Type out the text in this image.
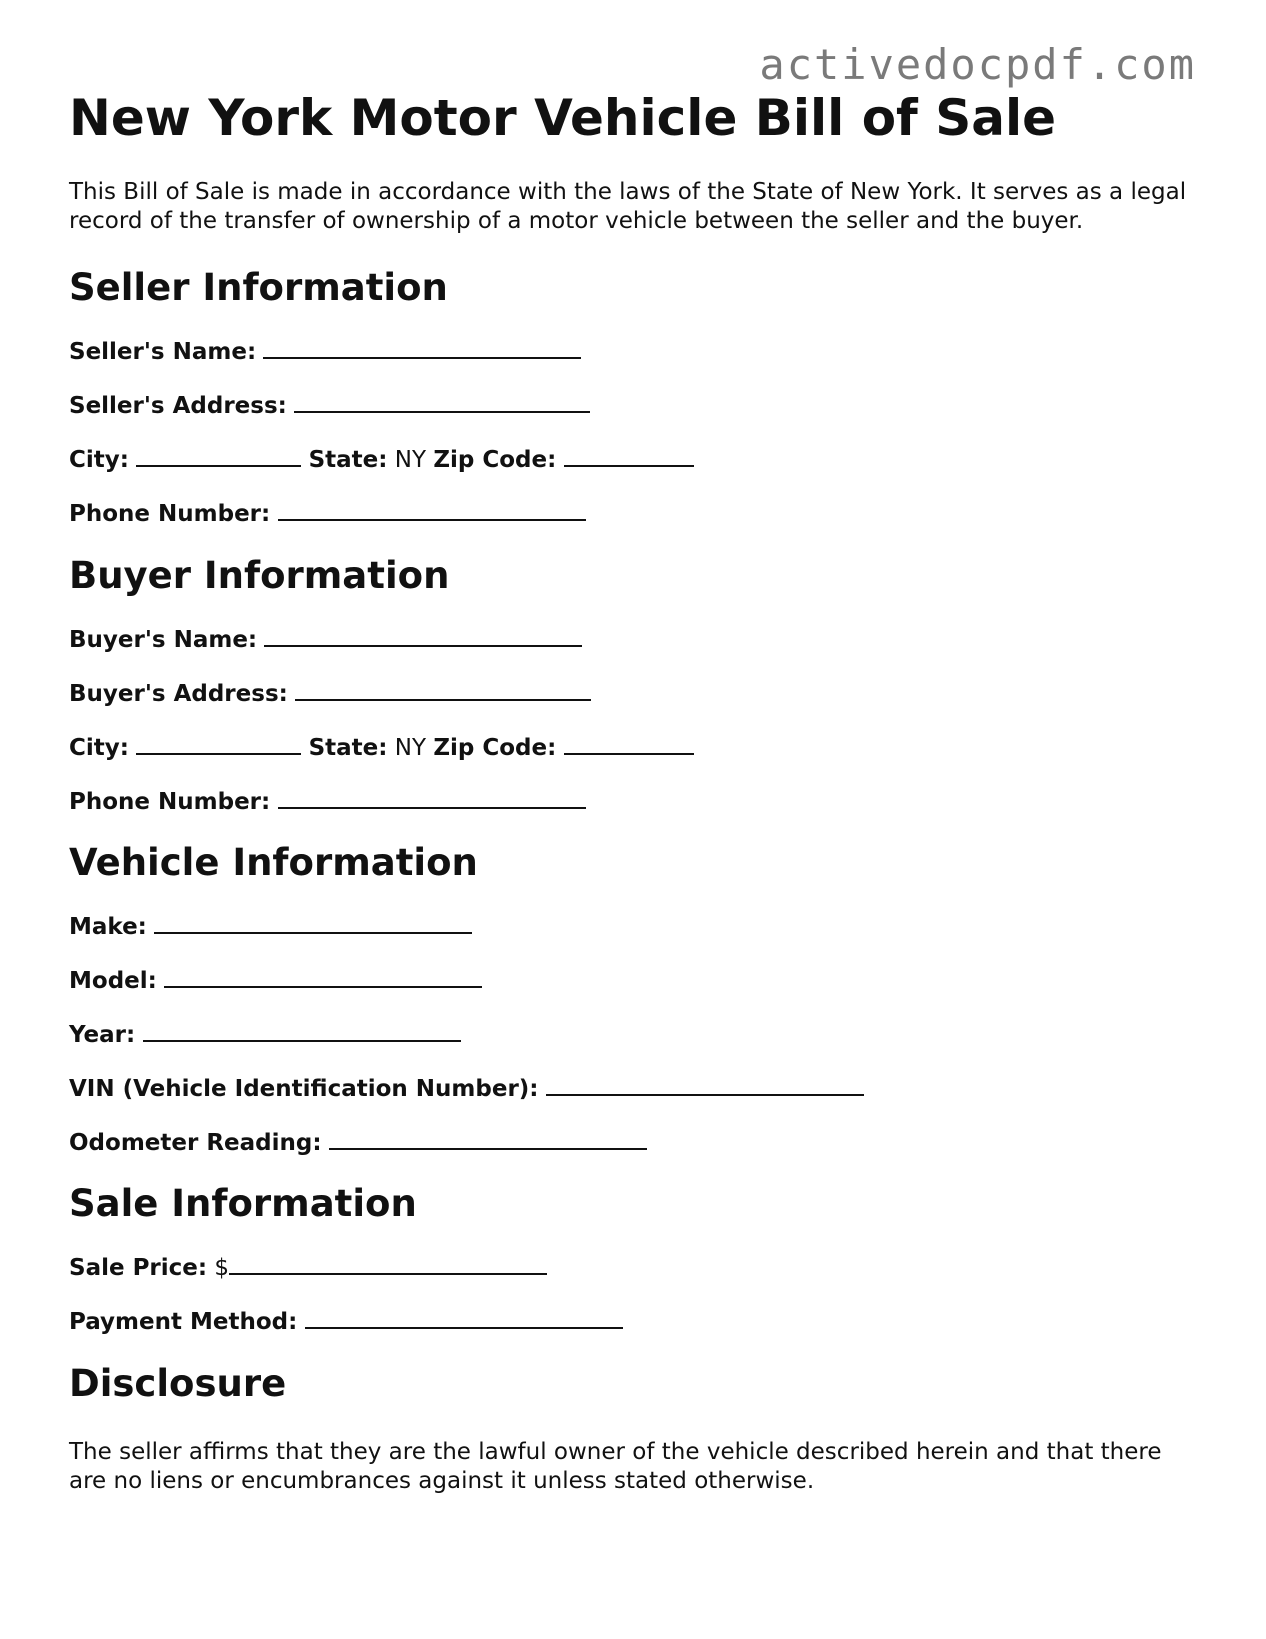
activedocpdf.com
New York Motor Vehicle Bill of Sale

This Bill of Sale is made in accordance with the laws of the State of New York. It serves as a legal record of the transfer of ownership of a motor vehicle between the seller and the buyer.

Seller Information
Seller's Name:
Seller's Address:
City:	State: NY Zip Code:
Phone Number:
Buyer Information
Buyer's Name:
Buyer's Address:
City:	State: NY Zip Code:
Phone Number:
Vehicle Information
Make:
Model:
Year:
VIN (Vehicle Identification Number):
Odometer Reading:
Sale Information
Sale Price: $
Payment Method:
Disclosure

The seller affirms that they are the lawful owner of the vehicle described herein and that there are no liens or encumbrances against it unless stated otherwise.
